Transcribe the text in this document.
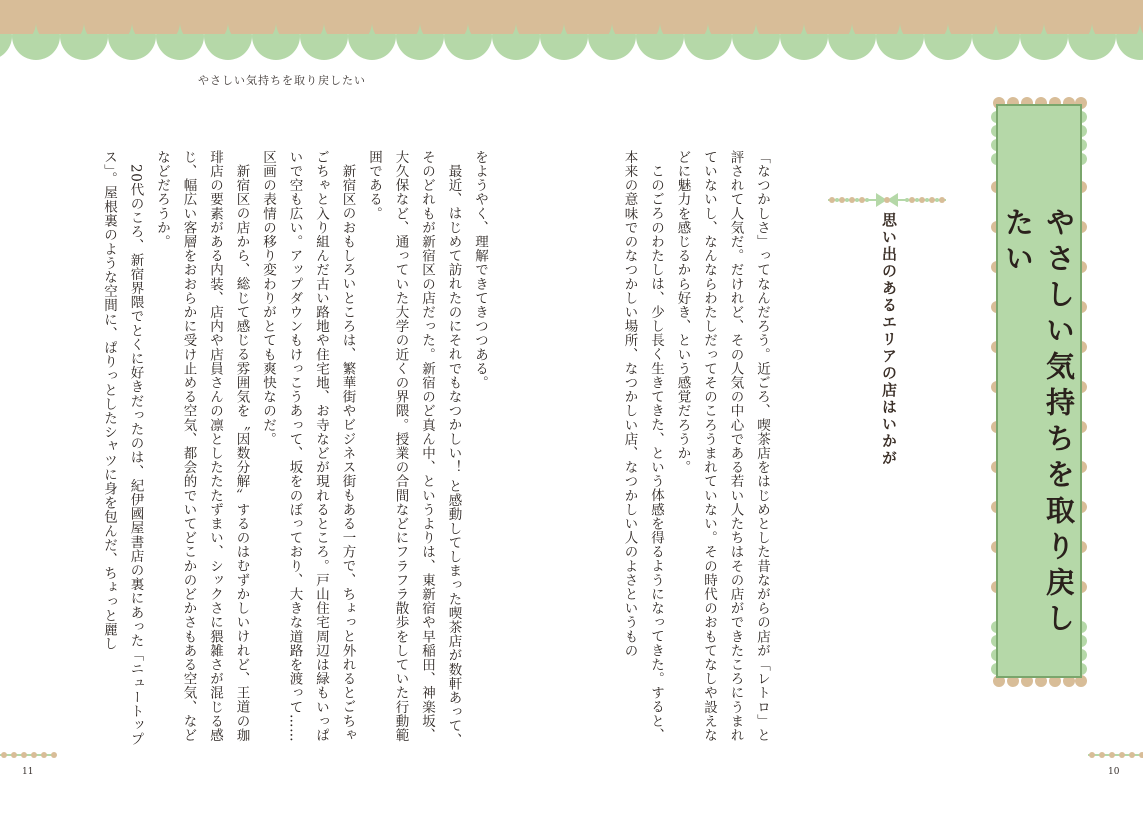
やさしい気持ちを取り戻したい
やさしい気持ちを取り戻したい
思い出のあるエリアの店はいかが

「なつかしさ」ってなんだろう。近ごろ、喫茶店をはじめとした昔ながらの店が「レトロ」と評されて人気だ。だけれど、その人気の中心である若い人たちはその店ができたころにうまれていないし、なんならわたしだってそのころうまれていない。その時代のおもてなしや設えなどに魅力を感じるから好き、という感覚だろうか。

このごろのわたしは、少し長く生きてきた、という体感を得るようになってきた。すると、本来の意味でのなつかしい場所、なつかしい店、なつかしい人のよさというもの

をようやく、理解できてきつつある。

最近、はじめて訪れたのにそれでもなつかしい！ と感動してしまった喫茶店が数軒あって、そのどれもが新宿区の店だった。新宿のど真ん中、というよりは、東新宿や早稲田、神楽坂、大久保など、通っていた大学の近くの界隈。授業の合間などにフラフラ散歩をしていた行動範囲である。

新宿区のおもしろいところは、繁華街やビジネス街もある一方で、ちょっと外れるとごちゃごちゃと入り組んだ古い路地や住宅地、お寺などが現れるところ。戸山住宅周辺は緑もいっぱいで空も広い。アップダウンもけっこうあって、坂をのぼっており、大きな道路を渡って……区画の表情の移り変わりがとても爽快なのだ。

新宿区の店から、総じて感じる雰囲気を〝因数分解〟するのはむずかしいけれど、王道の珈琲店の要素がある内装、店内や店員さんの凛としたたたずまい、シックさに猥雑さが混じる感じ、幅広い客層をおおらかに受け止める空気、都会的でいてどこかのどかさもある空気、などなどだろうか。

20代のころ、新宿界隈でとくに好きだったのは、紀伊國屋書店の裏にあった「ニュートップス」。屋根裏のような空間に、ぱりっとしたシャツに身を包んだ、ちょっと麗し

11	10
